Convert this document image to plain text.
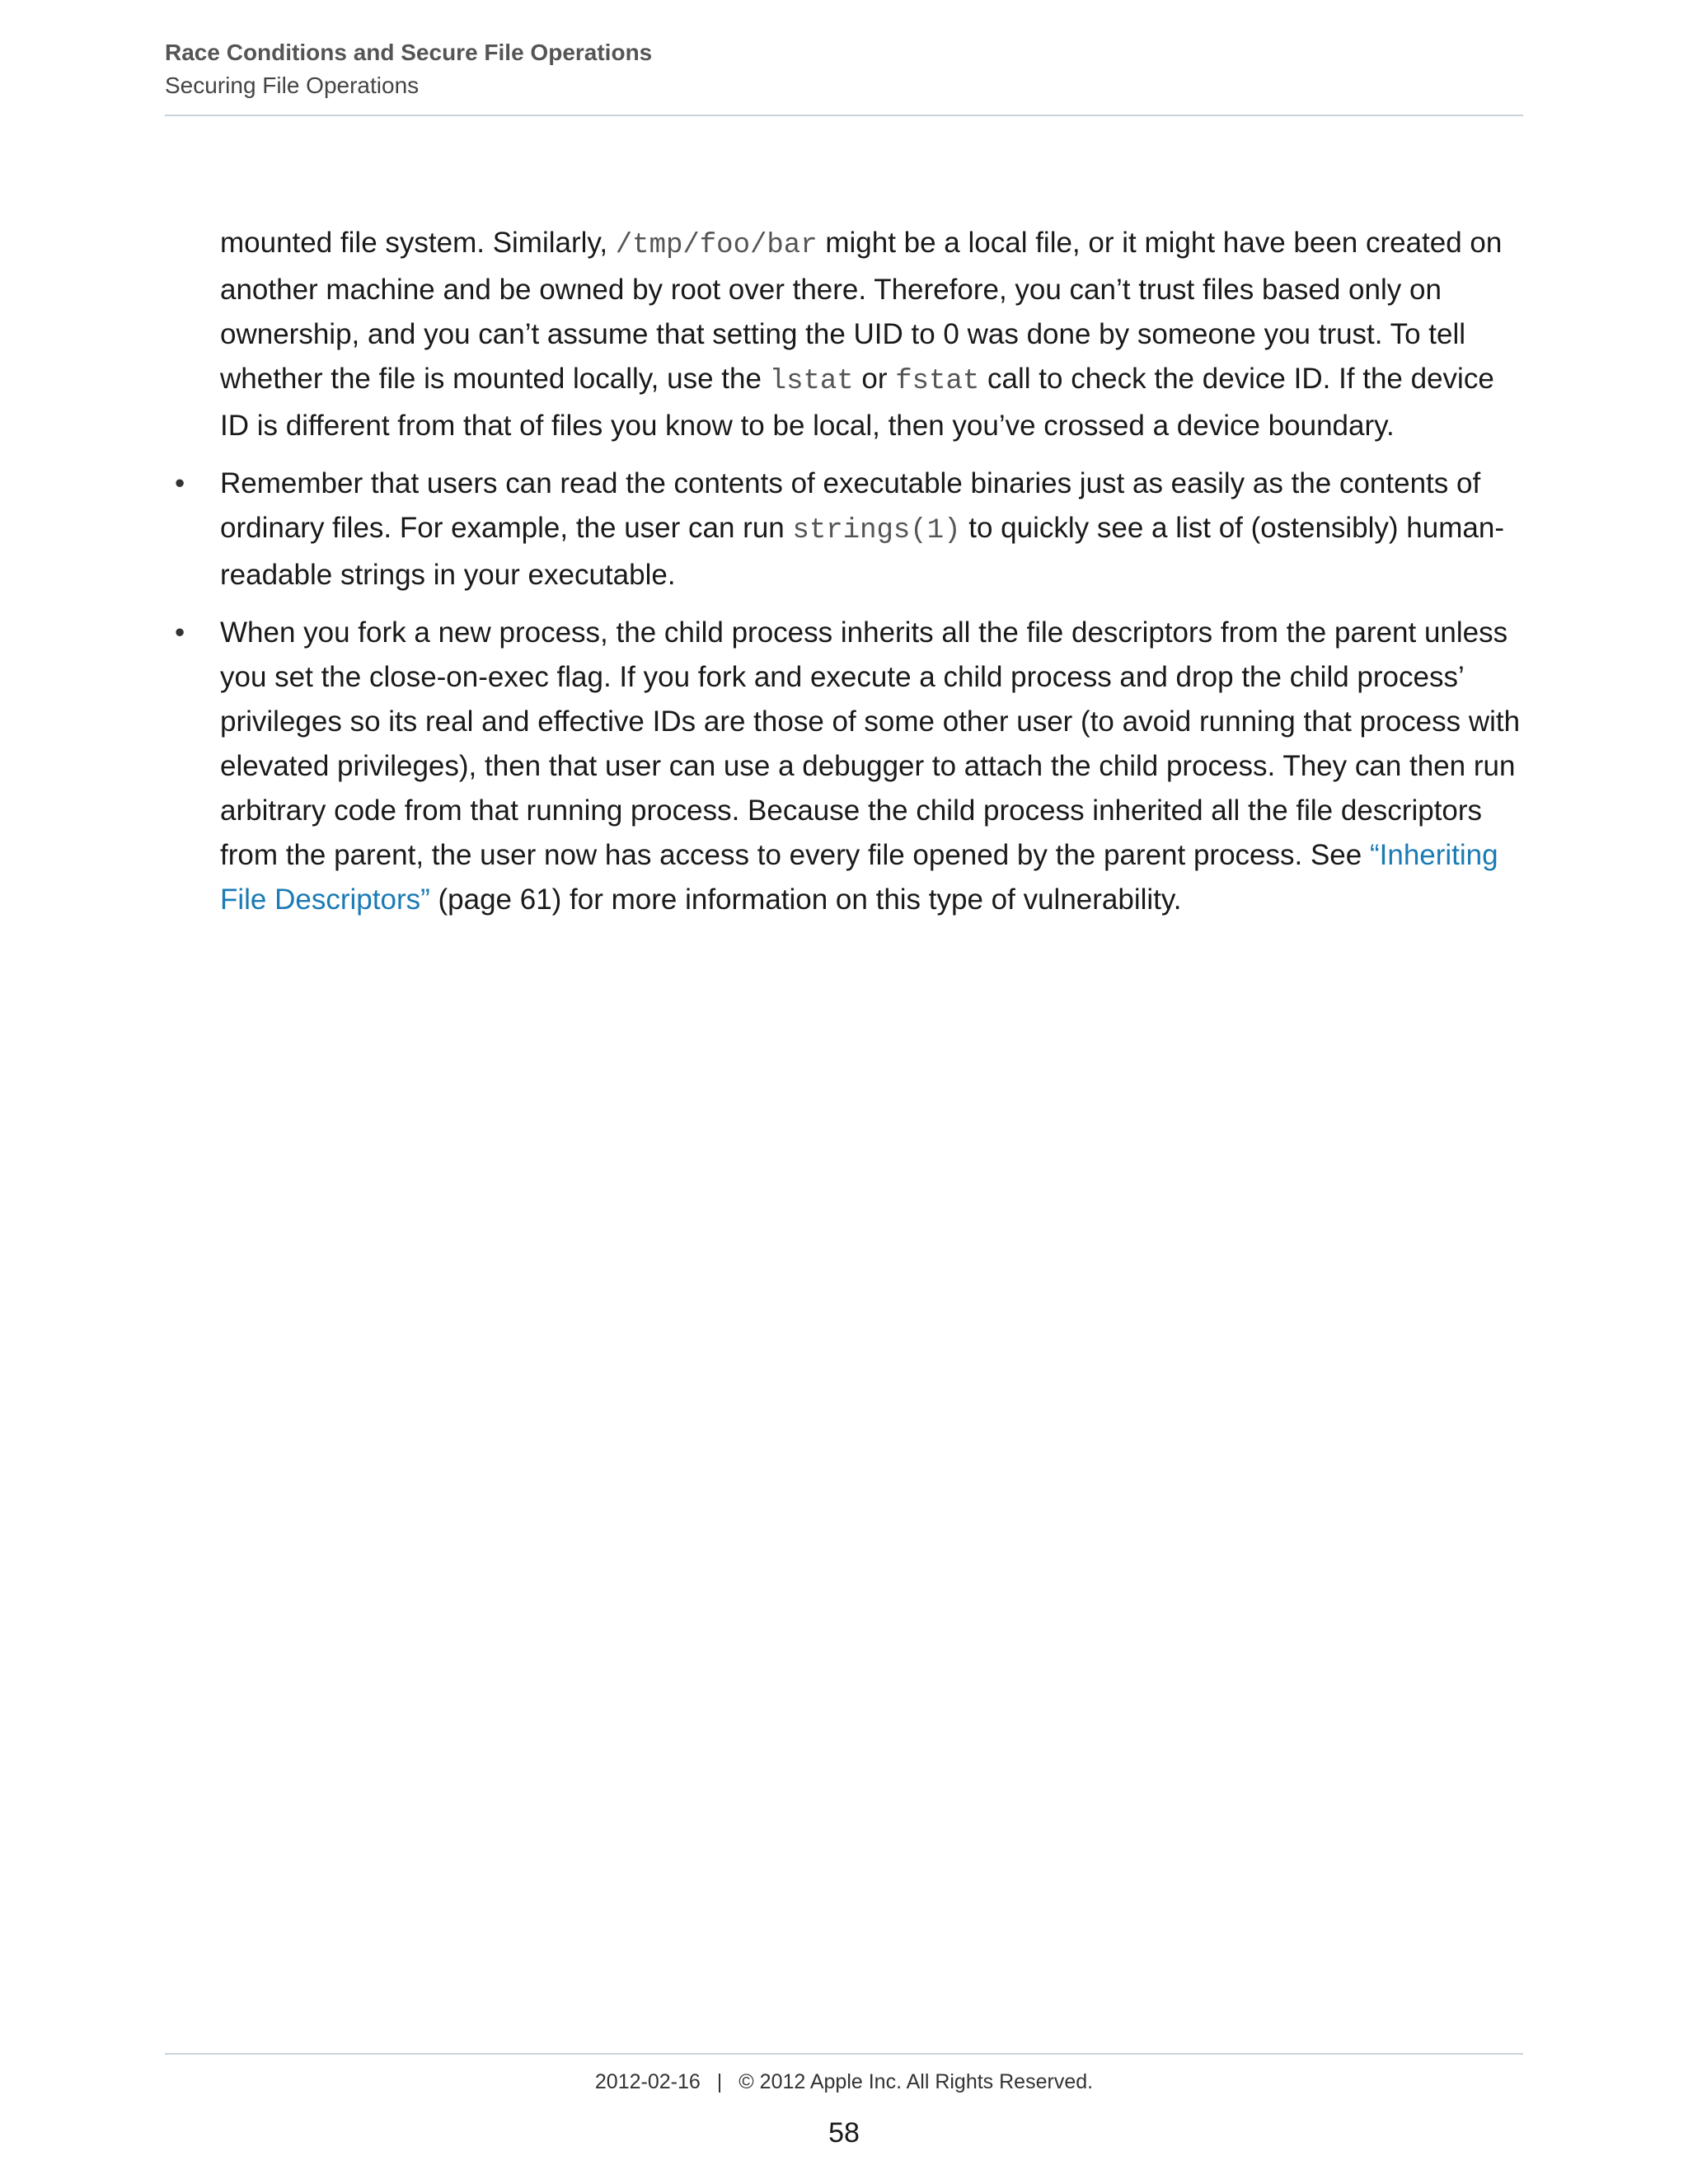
Race Conditions and Secure File Operations
Securing File Operations

mounted file system. Similarly, /tmp/foo/bar might be a local file, or it might have been created on another machine and be owned by root over there. Therefore, you can’t trust files based only on ownership, and you can’t assume that setting the UID to 0 was done by someone you trust. To tell whether the file is mounted locally, use the lstat or fstat call to check the device ID. If the device ID is different from that of files you know to be local, then you’ve crossed a device boundary.

• Remember that users can read the contents of executable binaries just as easily as the contents of ordinary files. For example, the user can run strings(1) to quickly see a list of (ostensibly) human-readable strings in your executable.
• When you fork a new process, the child process inherits all the file descriptors from the parent unless you set the close-on-exec flag. If you fork and execute a child process and drop the child process’ privileges so its real and effective IDs are those of some other user (to avoid running that process with elevated privileges), then that user can use a debugger to attach the child process. They can then run arbitrary code from that running process. Because the child process inherited all the file descriptors from the parent, the user now has access to every file opened by the parent process. See “Inheriting File Descriptors” (page 61) for more information on this type of vulnerability.
2012-02-16 | © 2012 Apple Inc. All Rights Reserved.
58
